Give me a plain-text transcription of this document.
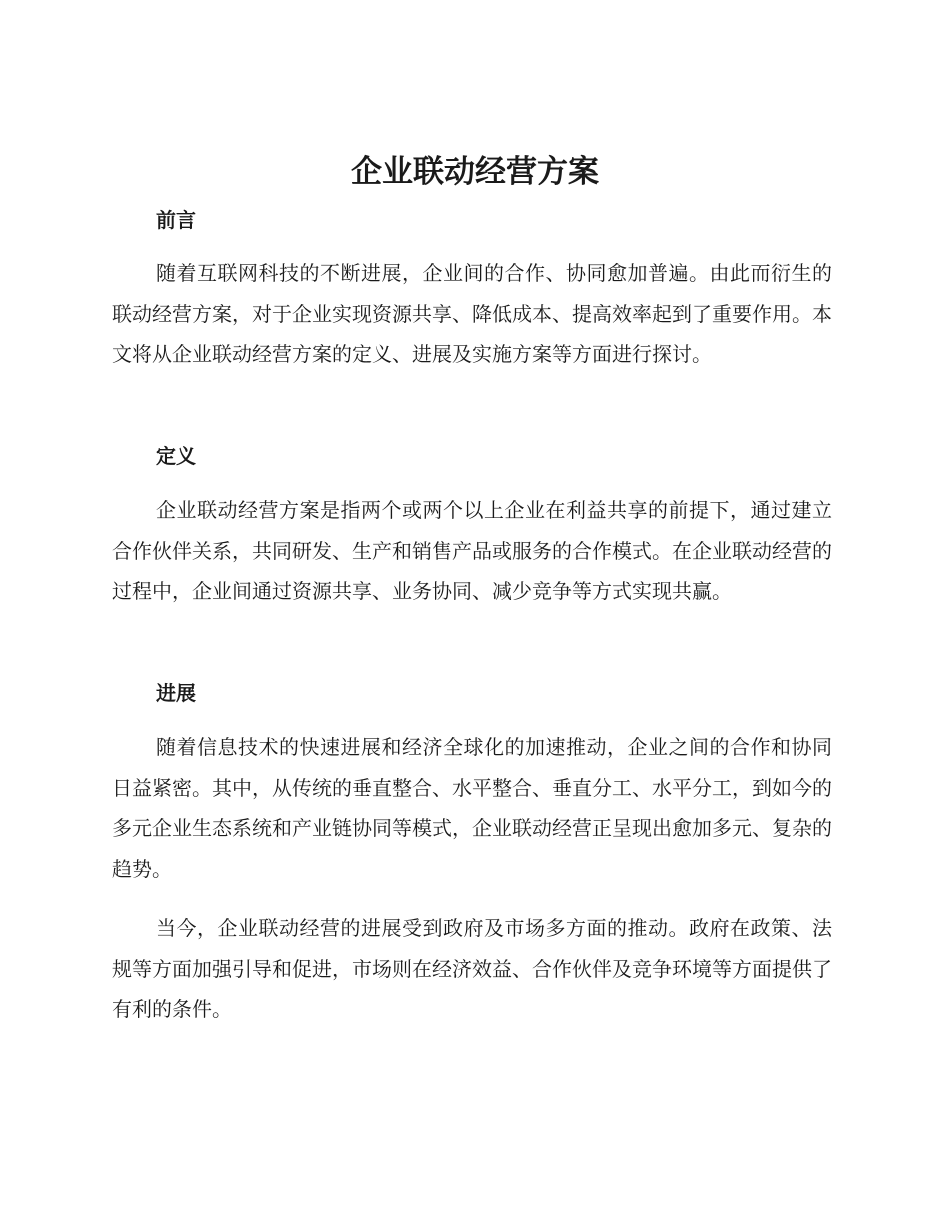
企业联动经营方案
前言

随着互联网科技的不断进展，企业间的合作、协同愈加普遍。由此而衍生的联动经营方案，对于企业实现资源共享、降低成本、提高效率起到了重要作用。本文将从企业联动经营方案的定义、进展及实施方案等方面进行探讨。

定义

企业联动经营方案是指两个或两个以上企业在利益共享的前提下，通过建立合作伙伴关系，共同研发、生产和销售产品或服务的合作模式。在企业联动经营的过程中，企业间通过资源共享、业务协同、减少竞争等方式实现共赢。

进展

随着信息技术的快速进展和经济全球化的加速推动，企业之间的合作和协同日益紧密。其中，从传统的垂直整合、水平整合、垂直分工、水平分工，到如今的多元企业生态系统和产业链协同等模式，企业联动经营正呈现出愈加多元、复杂的趋势。

当今，企业联动经营的进展受到政府及市场多方面的推动。政府在政策、法规等方面加强引导和促进，市场则在经济效益、合作伙伴及竞争环境等方面提供了有利的条件。
